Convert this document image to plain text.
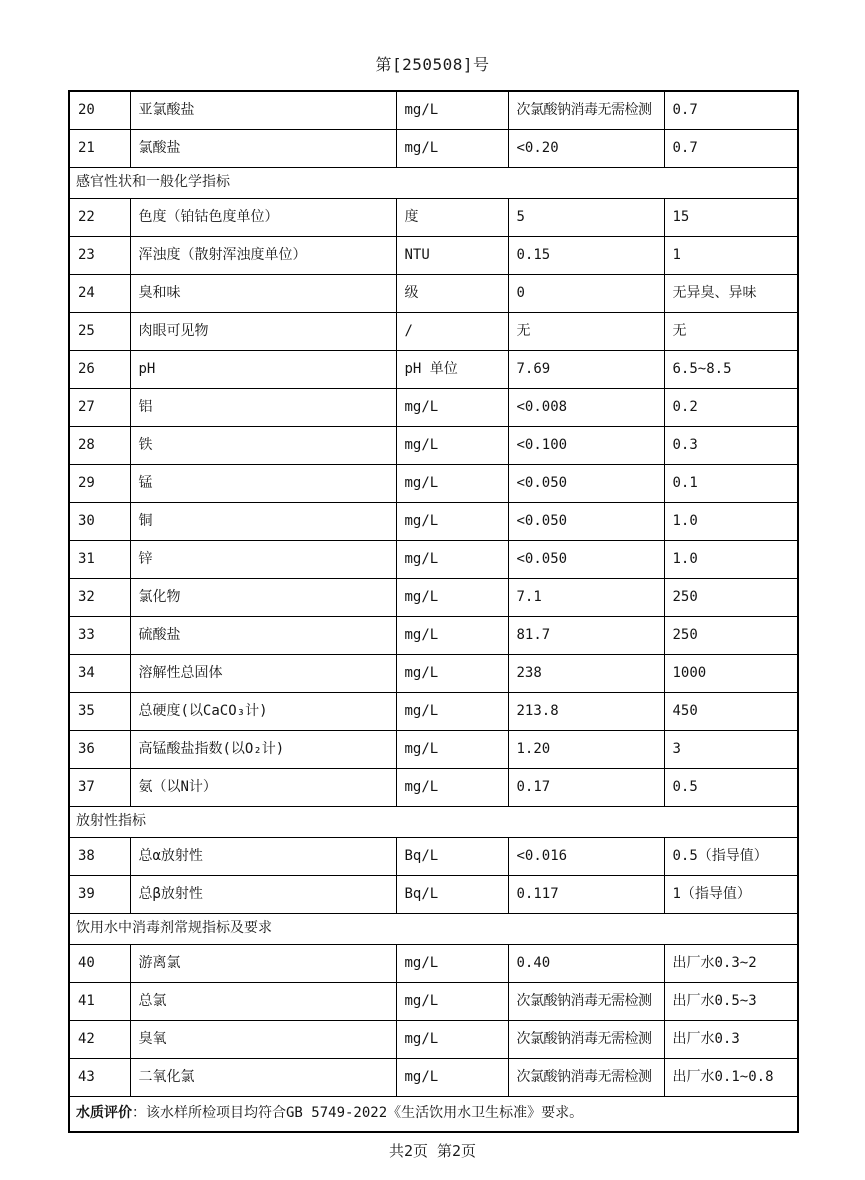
第[250508]号
20	亚氯酸盐	mg/L	次氯酸钠消毒无需检测	0.7
21	氯酸盐	mg/L	<0.20	0.7
感官性状和一般化学指标				
22	色度（铂钴色度单位）	度	5	15
23	浑浊度（散射浑浊度单位）	NTU	0.15	1
24	臭和味	级	0	无异臭、异味
25	肉眼可见物	/	无	无
26	pH	pH 单位	7.69	6.5~8.5
27	铝	mg/L	<0.008	0.2
28	铁	mg/L	<0.100	0.3
29	锰	mg/L	<0.050	0.1
30	铜	mg/L	<0.050	1.0
31	锌	mg/L	<0.050	1.0
32	氯化物	mg/L	7.1	250
33	硫酸盐	mg/L	81.7	250
34	溶解性总固体	mg/L	238	1000
35	总硬度(以CaCO₃计)	mg/L	213.8	450
36	高锰酸盐指数(以O₂计)	mg/L	1.20	3
37	氨（以N计）	mg/L	0.17	0.5
放射性指标				
38	总α放射性	Bq/L	<0.016	0.5（指导值）
39	总β放射性	Bq/L	0.117	1（指导值）
饮用水中消毒剂常规指标及要求				
40	游离氯	mg/L	0.40	出厂水0.3~2
41	总氯	mg/L	次氯酸钠消毒无需检测	出厂水0.5~3
42	臭氧	mg/L	次氯酸钠消毒无需检测	出厂水0.3
43	二氧化氯	mg/L	次氯酸钠消毒无需检测	出厂水0.1~0.8
水质评价：该水样所检项目均符合GB 5749-2022《生活饮用水卫生标准》要求。				
共2页 第2页
